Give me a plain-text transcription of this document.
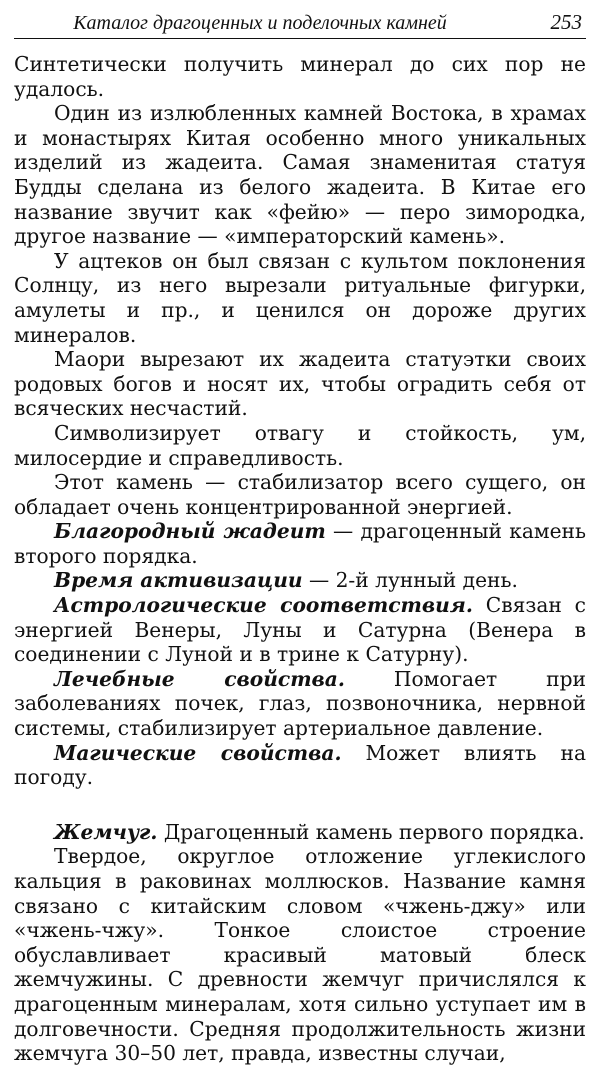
Каталог драгоценных и поделочных камней	253

Синтетически получить минерал до сих пор не удалось.

Один из излюбленных камней Востока, в храмах и монастырях Китая особенно много уникальных изделий из жадеита. Самая знаменитая статуя Будды сделана из белого жадеита. В Китае его название звучит как «фейю» — перо зимородка, другое название — «императорский камень».

У ацтеков он был связан с культом поклонения Солнцу, из него вырезали ритуальные фигурки, амулеты и пр., и ценился он дороже других минералов.

Маори вырезают их жадеита статуэтки своих родовых богов и носят их, чтобы оградить себя от всяческих несчастий.

Символизирует отвагу и стойкость, ум, милосердие и справедливость.

Этот камень — стабилизатор всего сущего, он обладает очень концентрированной энергией.

Благородный жадеит — драгоценный камень второго порядка.

Время активизации — 2-й лунный день.

Астрологические соответствия. Связан с энергией Венеры, Луны и Сатурна (Венера в соединении с Луной и в трине к Сатурну).

Лечебные свойства. Помогает при заболеваниях почек, глаз, позвоночника, нервной системы, стабилизирует артериальное давление.

Магические свойства. Может влиять на погоду.

Жемчуг. Драгоценный камень первого порядка.

Твердое, округлое отложение углекислого кальция в раковинах моллюсков. Название камня связано с китайским словом «чжень-джу» или «чжень-чжу». Тонкое слоистое строение обуславливает красивый матовый блеск жемчужины. С древности жемчуг причислялся к драгоценным минералам, хотя сильно уступает им в долговечности. Средняя продолжительность жизни жемчуга 30–50 лет, правда, известны случаи,
